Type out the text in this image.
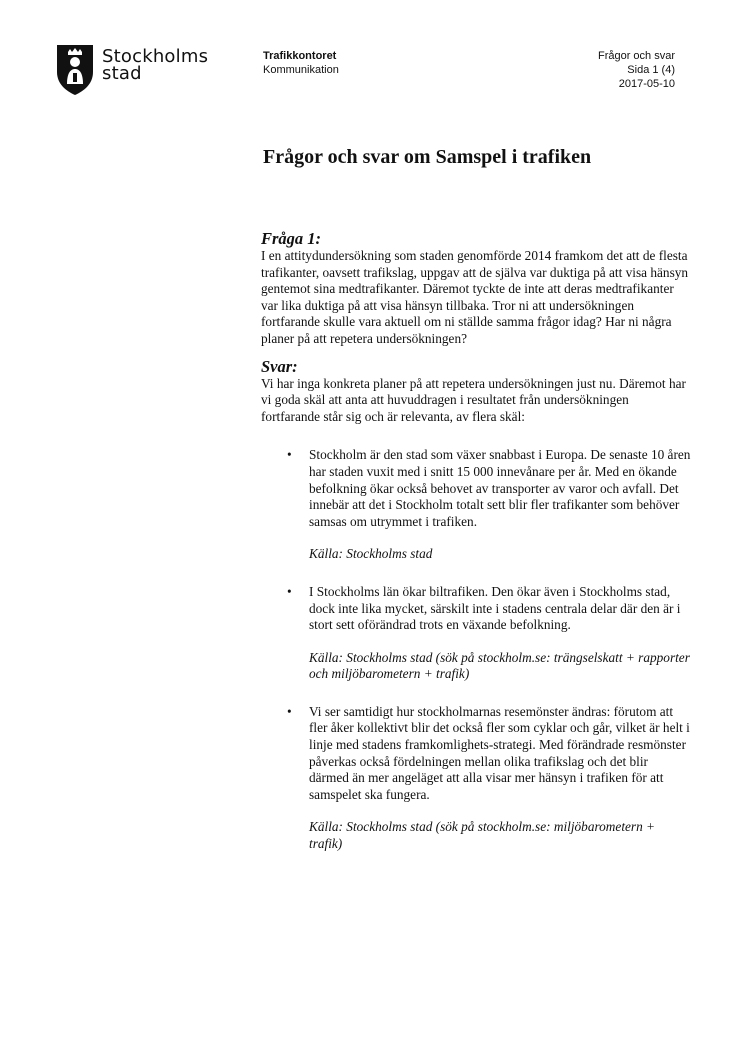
Stockholms
stad
Trafikkontoret
Kommunikation
Frågor och svar
Sida 1 (4)
2017-05-10
Frågor och svar om Samspel i trafiken
Fråga 1:

I en attitydundersökning som staden genomförde 2014 framkom det att de flesta trafikanter, oavsett trafikslag, uppgav att de själva var duktiga på att visa hänsyn gentemot sina medtrafikanter. Däremot tyckte de inte att deras medtrafikanter var lika duktiga på att visa hänsyn tillbaka. Tror ni att undersökningen fortfarande skulle vara aktuell om ni ställde samma frågor idag? Har ni några planer på att repetera undersökningen?

Svar:

Vi har inga konkreta planer på att repetera undersökningen just nu. Däremot har vi goda skäl att anta att huvuddragen i resultatet från undersökningen fortfarande står sig och är relevanta, av flera skäl:

• Stockholm är den stad som växer snabbast i Europa. De senaste 10 åren har staden vuxit med i snitt 15 000 innevånare per år. Med en ökande befolkning ökar också behovet av transporter av varor och avfall. Det innebär att det i Stockholm totalt sett blir fler trafikanter som behöver samsas om utrymmet i trafiken.
Källa: Stockholms stad
• I Stockholms län ökar biltrafiken. Den ökar även i Stockholms stad, dock inte lika mycket, särskilt inte i stadens centrala delar där den är i stort sett oförändrad trots en växande befolkning.
Källa: Stockholms stad (sök på stockholm.se: trängselskatt + rapporter och miljöbarometern + trafik)
• Vi ser samtidigt hur stockholmarnas resemönster ändras: förutom att fler åker kollektivt blir det också fler som cyklar och går, vilket är helt i linje med stadens framkomlighets-strategi. Med förändrade resmönster påverkas också fördelningen mellan olika trafikslag och det blir därmed än mer angeläget att alla visar mer hänsyn i trafiken för att samspelet ska fungera.
Källa: Stockholms stad (sök på stockholm.se: miljöbarometern + trafik)
